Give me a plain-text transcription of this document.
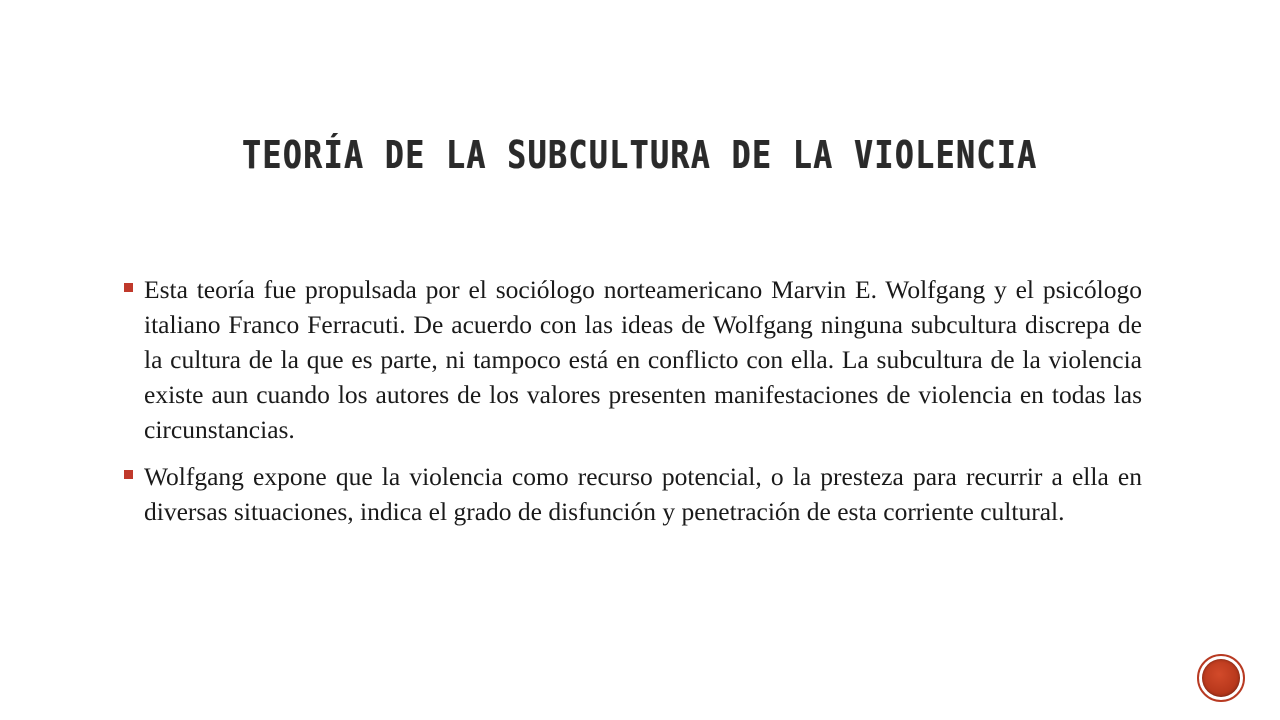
TEORÍA DE LA SUBCULTURA DE LA VIOLENCIA
Esta teoría fue propulsada por el sociólogo norteamericano Marvin E. Wolfgang y el psicólogo italiano Franco Ferracuti. De acuerdo con las ideas de Wolfgang ninguna subcultura discrepa de la cultura de la que es parte, ni tampoco está en conflicto con ella. La subcultura de la violencia existe aun cuando los autores de los valores presenten manifestaciones de violencia en todas las circunstancias.
Wolfgang expone que la violencia como recurso potencial, o la presteza para recurrir a ella en diversas situaciones, indica el grado de disfunción y penetración de esta corriente cultural.
